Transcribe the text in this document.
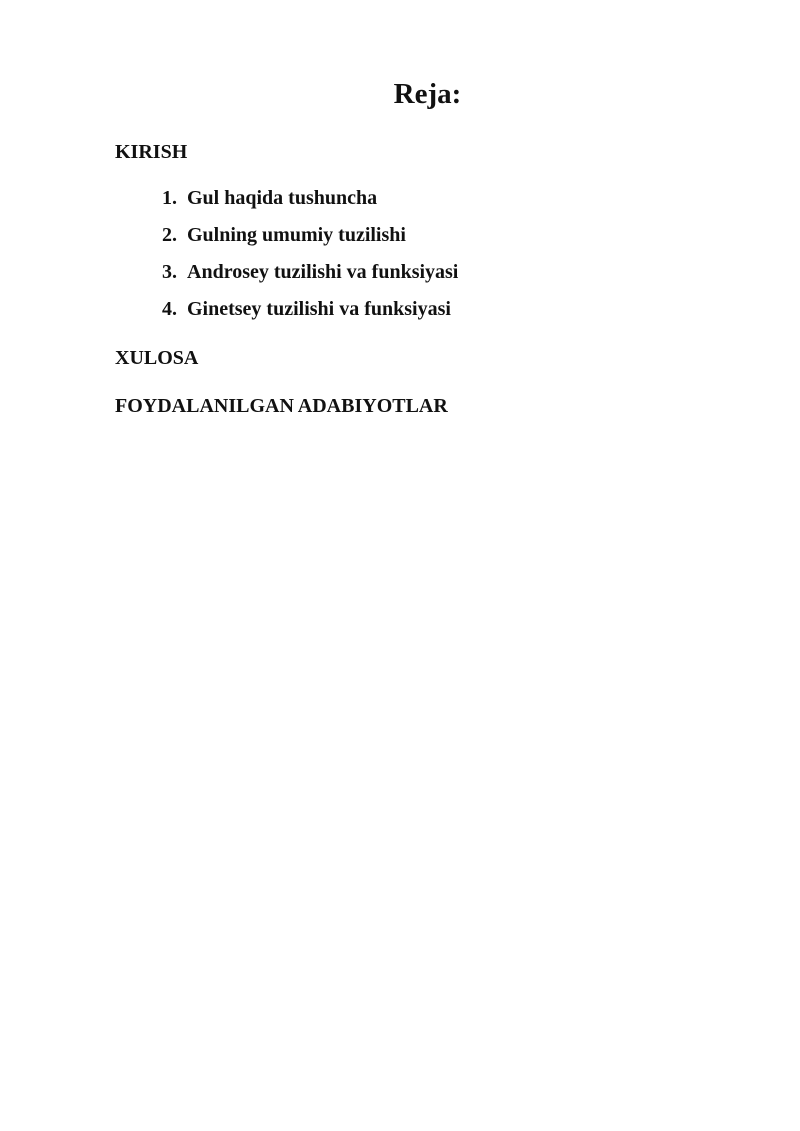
Reja:
KIRISH
1. Gul haqida tushuncha
2. Gulning umumiy tuzilishi
3. Androsey tuzilishi va funksiyasi
4. Ginetsey tuzilishi va funksiyasi
XULOSA
FOYDALANILGAN ADABIYOTLAR
